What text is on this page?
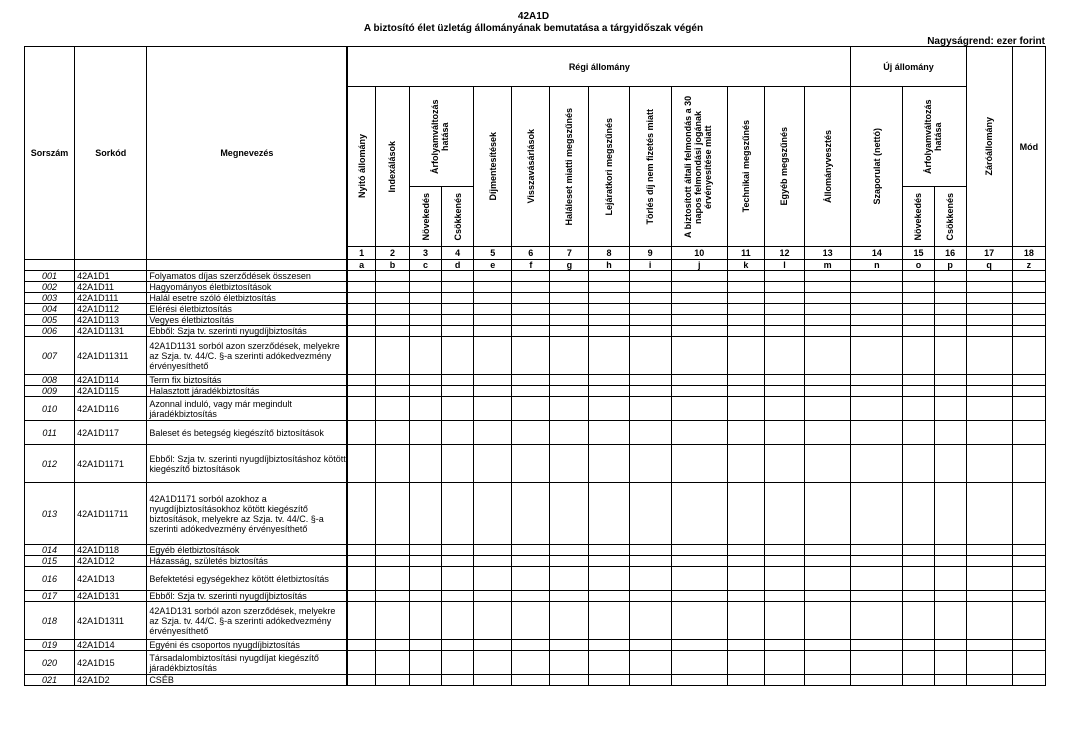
42A1D
A biztosító élet üzletág állományának bemutatása a tárgyidőszak végén
Nagyságrend: ezer forint
Sorszám	Sorkód	Megnevezés	Régi állomány													Új állomány			Záróállomány	Mód

			Nyitó állomány	Indexálások	Árfolyamváltozás hatása		Díjmentesítések	Visszavásárlások	Haláleset miatti megszűnés	Lejáratkori megszűnés	Törlés díj nem fizetés miatt	A biztosított általi felmondás a 30 napos felmondási jogának érvényesítése miatt	Technikai megszűnés	Egyéb megszűnés	Állományvesztés	Szaporulat (nettó)	Árfolyamváltozás hatása			

					Növekedés	Csökkenés											Növekedés	Csökkenés		

			1	2	3	4	5	6	7	8	9	10	11	12	13	14	15	16	17	18
			a	b	c	d	e	f	g	h	i	j	k	l	m	n	o	p	q	z
001	42A1D1	Folyamatos díjas szerződések összesen																		
002	42A1D11	Hagyományos életbiztosítások																		
003	42A1D111	Halál esetre szóló életbiztosítás																		
004	42A1D112	Elérési életbiztosítás																		
005	42A1D113	Vegyes életbiztosítás																		
006	42A1D1131	Ebből: Szja tv. szerinti nyugdíjbiztosítás																		
007	42A1D11311	42A1D1131 sorból azon szerződések, melyekre az Szja. tv. 44/C. §-a szerinti adókedvezmény érvényesíthető																		
008	42A1D114	Term fix biztosítás																		
009	42A1D115	Halasztott járadékbiztosítás																		
010	42A1D116	Azonnal induló, vagy már megindult járadékbiztosítás																		
011	42A1D117	Baleset és betegség kiegészítő biztosítások																		
012	42A1D1171	Ebből: Szja tv. szerinti nyugdíjbiztosításhoz kötött kiegészítő biztosítások																		
013	42A1D11711	42A1D1171 sorból azokhoz a nyugdíjbiztosításokhoz kötött kiegészítő biztosítások, melyekre az Szja. tv. 44/C. §-a szerinti adókedvezmény érvényesíthető																		
014	42A1D118	Egyéb életbiztosítások																		
015	42A1D12	Házasság, születés biztosítás																		
016	42A1D13	Befektetési egységekhez kötött életbiztosítás																		
017	42A1D131	Ebből: Szja tv. szerinti nyugdíjbiztosítás																		
018	42A1D1311	42A1D131 sorból azon szerződések, melyekre az Szja. tv. 44/C. §-a szerinti adókedvezmény érvényesíthető																		
019	42A1D14	Egyéni és csoportos nyugdíjbiztosítás																		
020	42A1D15	Társadalombiztosítási nyugdíjat kiegészítő járadékbiztosítás																		
021	42A1D2	CSÉB																		
